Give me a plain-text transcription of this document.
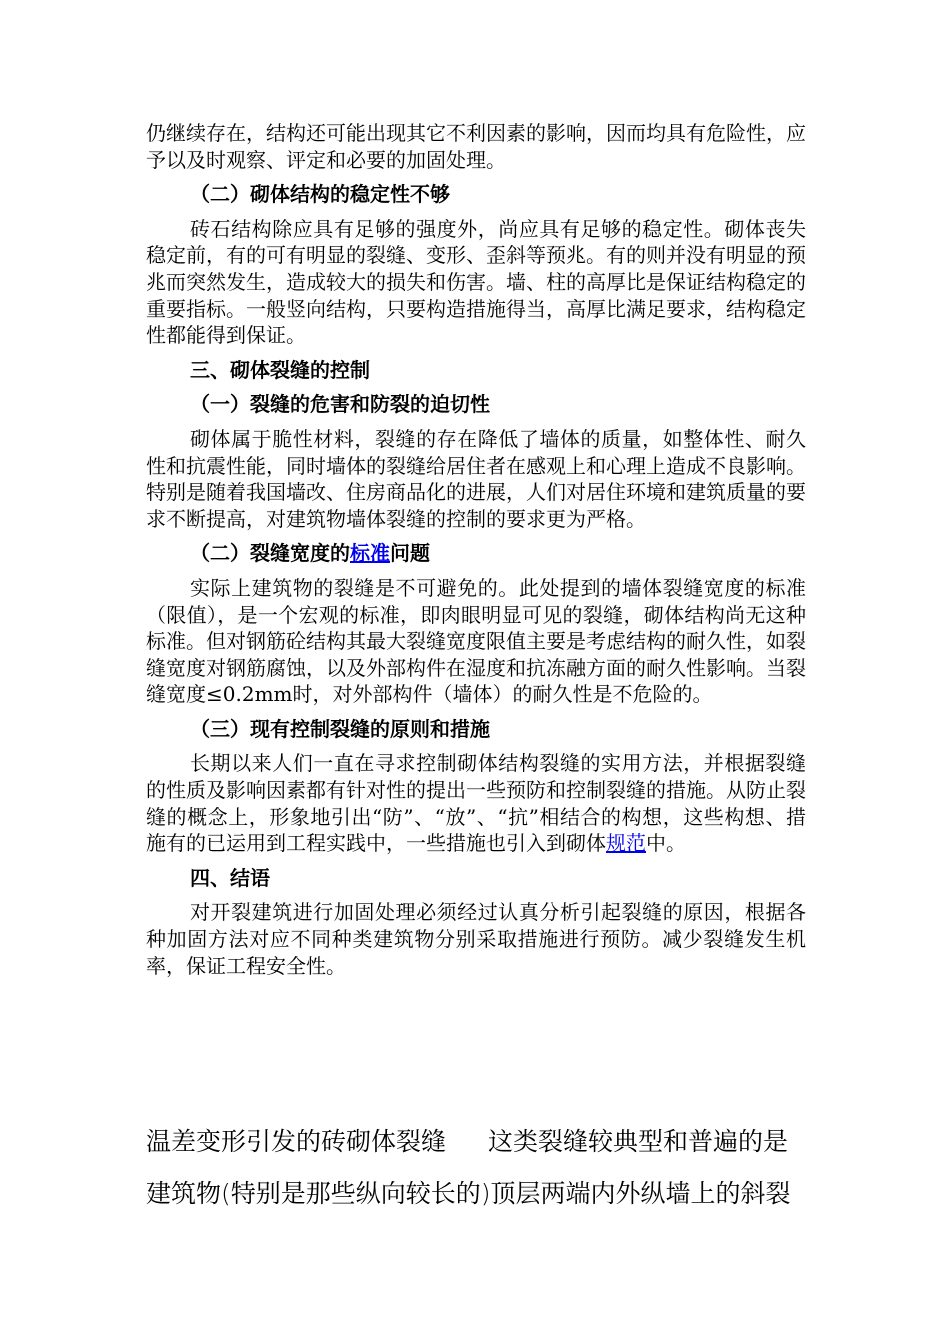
仍继续存在，结构还可能出现其它不利因素的影响，因而均具有危险性，应予以及时观察、评定和必要的加固处理。

（二）砌体结构的稳定性不够

砖石结构除应具有足够的强度外，尚应具有足够的稳定性。砌体丧失稳定前，有的可有明显的裂缝、变形、歪斜等预兆。有的则并没有明显的预兆而突然发生，造成较大的损失和伤害。墙、柱的高厚比是保证结构稳定的重要指标。一般竖向结构，只要构造措施得当，高厚比满足要求，结构稳定性都能得到保证。

三、砌体裂缝的控制
（一）裂缝的危害和防裂的迫切性

砌体属于脆性材料，裂缝的存在降低了墙体的质量，如整体性、耐久性和抗震性能，同时墙体的裂缝给居住者在感观上和心理上造成不良影响。特别是随着我国墙改、住房商品化的进展，人们对居住环境和建筑质量的要求不断提高，对建筑物墙体裂缝的控制的要求更为严格。

（二）裂缝宽度的标准问题

实际上建筑物的裂缝是不可避免的。此处提到的墙体裂缝宽度的标准（限值），是一个宏观的标准，即肉眼明显可见的裂缝，砌体结构尚无这种标准。但对钢筋砼结构其最大裂缝宽度限值主要是考虑结构的耐久性，如裂缝宽度对钢筋腐蚀，以及外部构件在湿度和抗冻融方面的耐久性影响。当裂缝宽度≤0.2mm时，对外部构件（墙体）的耐久性是不危险的。

（三）现有控制裂缝的原则和措施

长期以来人们一直在寻求控制砌体结构裂缝的实用方法，并根据裂缝的性质及影响因素都有针对性的提出一些预防和控制裂缝的措施。从防止裂缝的概念上，形象地引出“防”、“放”、“抗”相结合的构想，这些构想、措施有的已运用到工程实践中，一些措施也引入到砌体规范中。

四、结语

对开裂建筑进行加固处理必须经过认真分析引起裂缝的原因，根据各种加固方法对应不同种类建筑物分别采取措施进行预防。减少裂缝发生机率，保证工程安全性。

温差变形引发的砖砌体裂缝 这类裂缝较典型和普遍的是
建筑物(特别是那些纵向较长的)顶层两端内外纵墙上的斜裂
